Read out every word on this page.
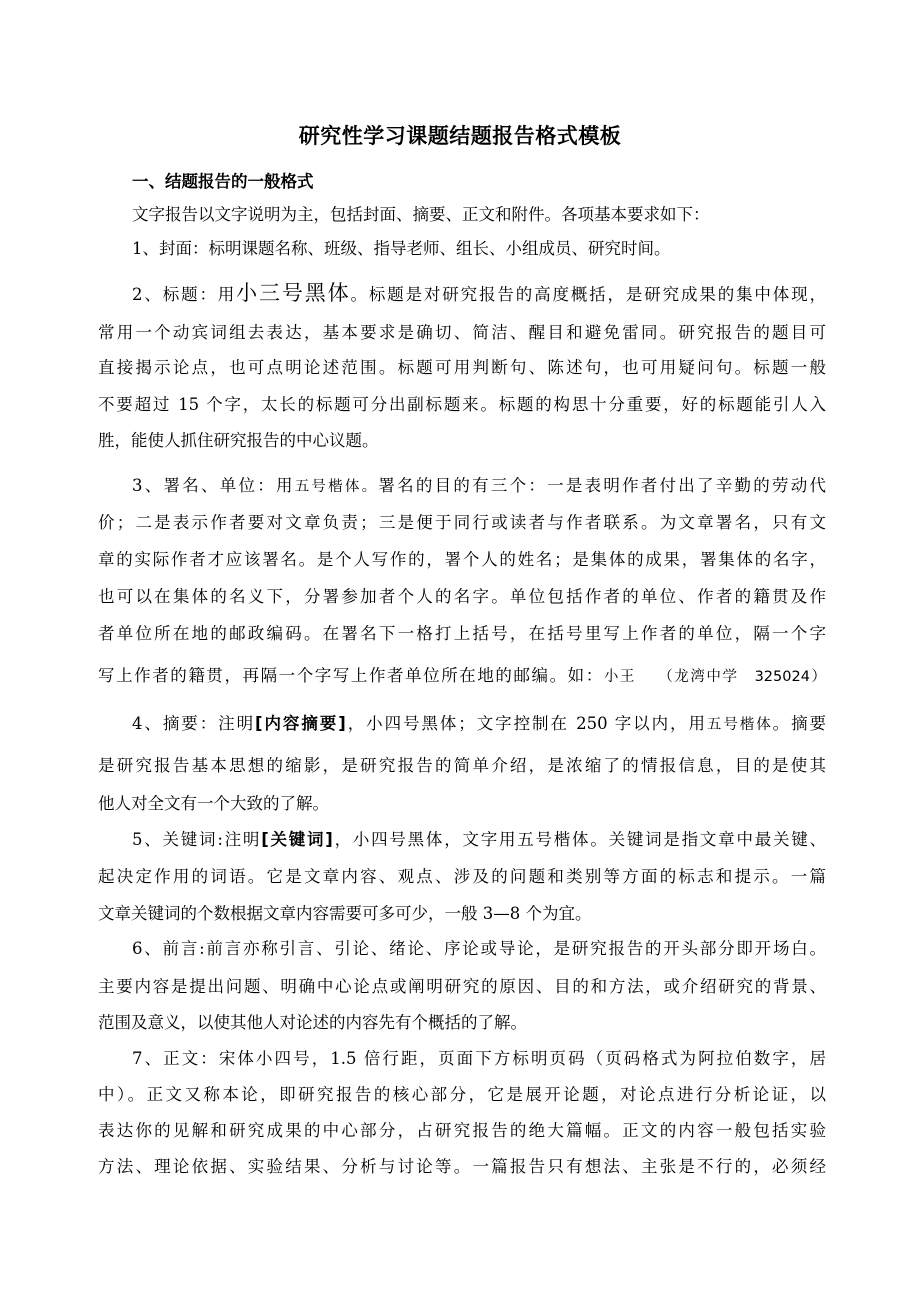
研究性学习课题结题报告格式模板
一、结题报告的一般格式
文字报告以文字说明为主，包括封面、摘要、正文和附件。各项基本要求如下：
1、封面：标明课题名称、班级、指导老师、组长、小组成员、研究时间。
2、标题：用小三号黑体。标题是对研究报告的高度概括，是研究成果的集中体现，
常用一个动宾词组去表达，基本要求是确切、简洁、醒目和避免雷同。研究报告的题目可
直接揭示论点，也可点明论述范围。标题可用判断句、陈述句，也可用疑问句。标题一般
不要超过 15 个字，太长的标题可分出副标题来。标题的构思十分重要，好的标题能引人入
胜，能使人抓住研究报告的中心议题。
3、署名、单位：用五号楷体。署名的目的有三个：一是表明作者付出了辛勤的劳动代
价；二是表示作者要对文章负责；三是便于同行或读者与作者联系。为文章署名，只有文
章的实际作者才应该署名。是个人写作的，署个人的姓名；是集体的成果，署集体的名字，
也可以在集体的名义下，分署参加者个人的名字。单位包括作者的单位、作者的籍贯及作
者单位所在地的邮政编码。在署名下一格打上括号，在括号里写上作者的单位，隔一个字
写上作者的籍贯，再隔一个字写上作者单位所在地的邮编。如：小王　 （龙湾中学　325024）
4、摘要：注明[内容摘要]，小四号黑体；文字控制在 250 字以内，用五号楷体。摘要
是研究报告基本思想的缩影，是研究报告的简单介绍，是浓缩了的情报信息，目的是使其
他人对全文有一个大致的了解。
5、关键词:注明[关键词]，小四号黑体，文字用五号楷体。关键词是指文章中最关键、
起决定作用的词语。它是文章内容、观点、涉及的问题和类别等方面的标志和提示。一篇
文章关键词的个数根据文章内容需要可多可少，一般 3—8 个为宜。
6、前言:前言亦称引言、引论、绪论、序论或导论，是研究报告的开头部分即开场白。
主要内容是提出问题、明确中心论点或阐明研究的原因、目的和方法，或介绍研究的背景、
范围及意义，以使其他人对论述的内容先有个概括的了解。
7、正文：宋体小四号，1.5 倍行距，页面下方标明页码（页码格式为阿拉伯数字，居
中）。正文又称本论，即研究报告的核心部分，它是展开论题，对论点进行分析论证，以
表达你的见解和研究成果的中心部分，占研究报告的绝大篇幅。正文的内容一般包括实验
方法、理论依据、实验结果、分析与讨论等。一篇报告只有想法、主张是不行的，必须经
